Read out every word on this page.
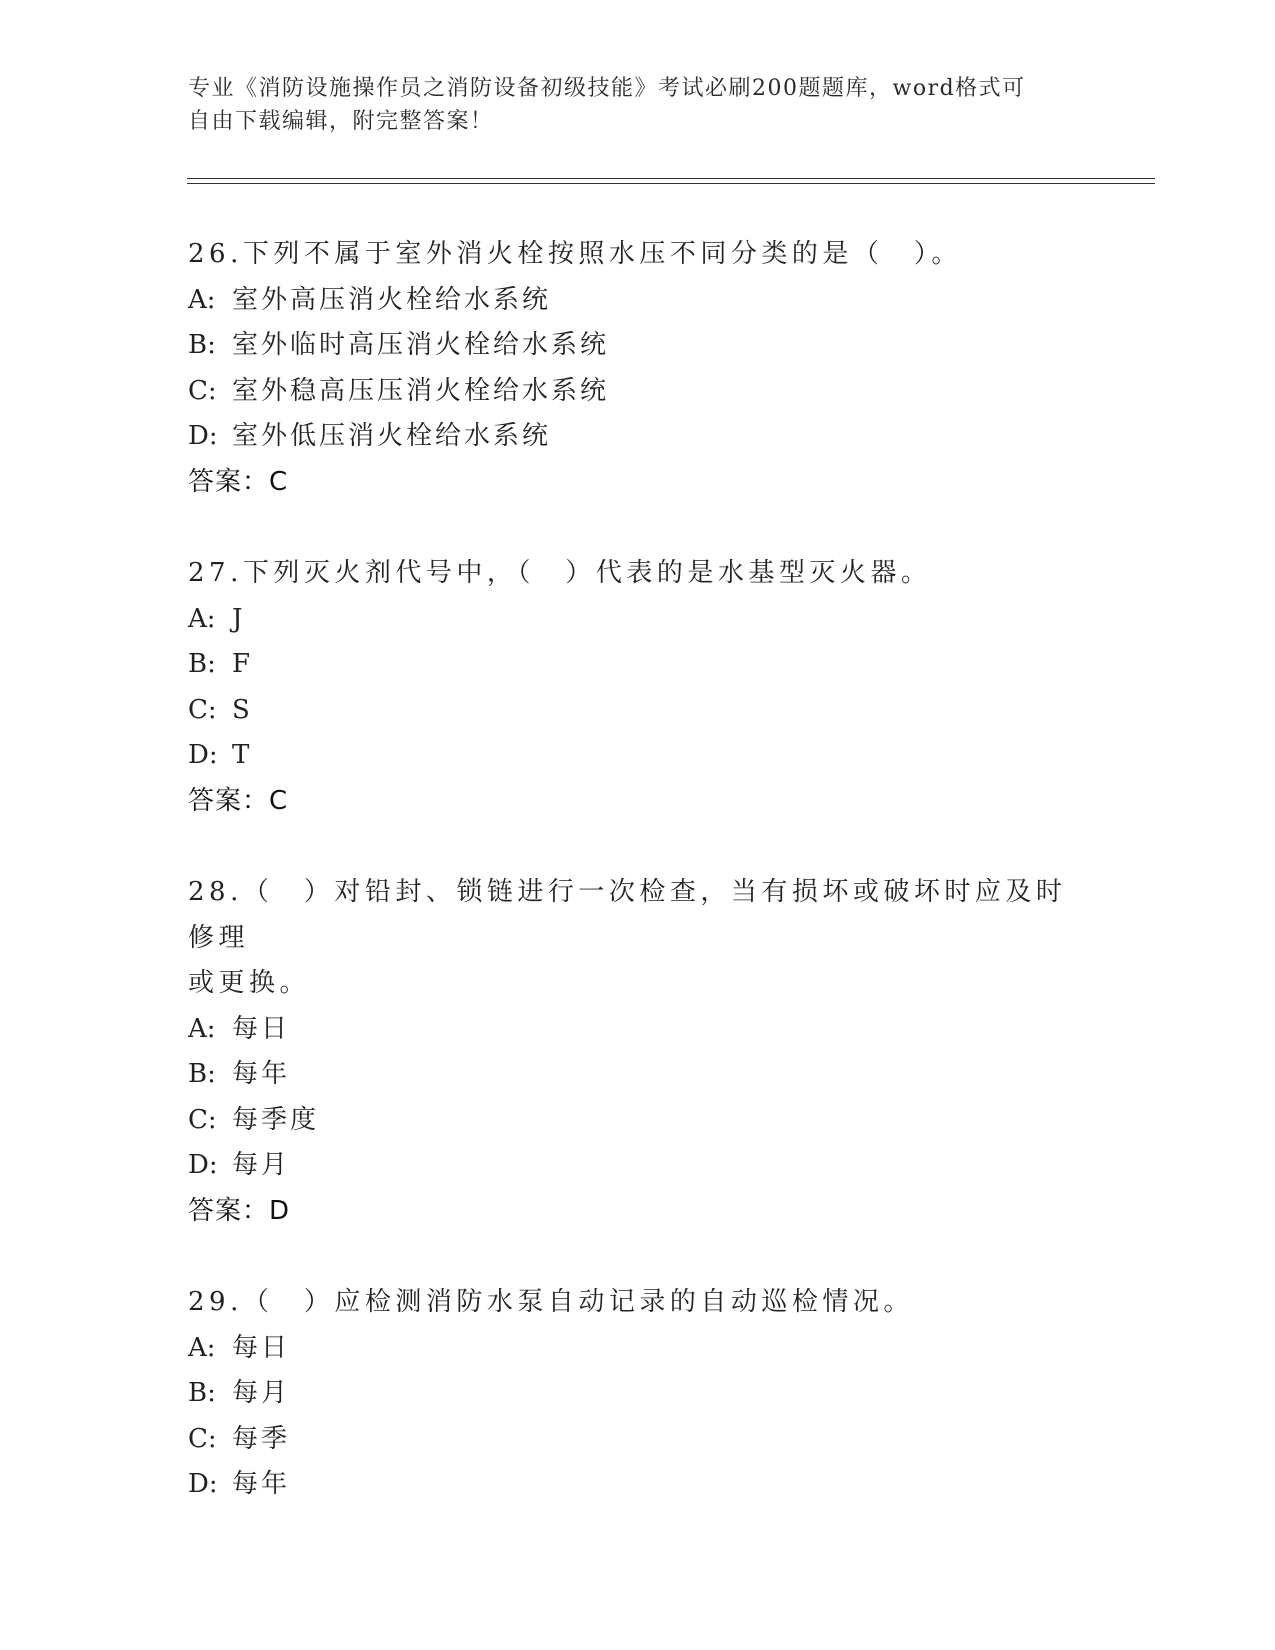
专业《消防设施操作员之消防设备初级技能》考试必刷200题题库，word格式可
自由下载编辑，附完整答案！
26.下列不属于室外消火栓按照水压不同分类的是（　）。
A: 室外高压消火栓给水系统
B: 室外临时高压消火栓给水系统
C: 室外稳高压压消火栓给水系统
D: 室外低压消火栓给水系统
答案：C
27.下列灭火剂代号中，（　）代表的是水基型灭火器。
A: J
B: F
C: S
D: T
答案：C
28.（　）对铅封、锁链进行一次检查，当有损坏或破坏时应及时修理
或更换。
A: 每日
B: 每年
C: 每季度
D: 每月
答案：D
29.（　）应检测消防水泵自动记录的自动巡检情况。
A: 每日
B: 每月
C: 每季
D: 每年
